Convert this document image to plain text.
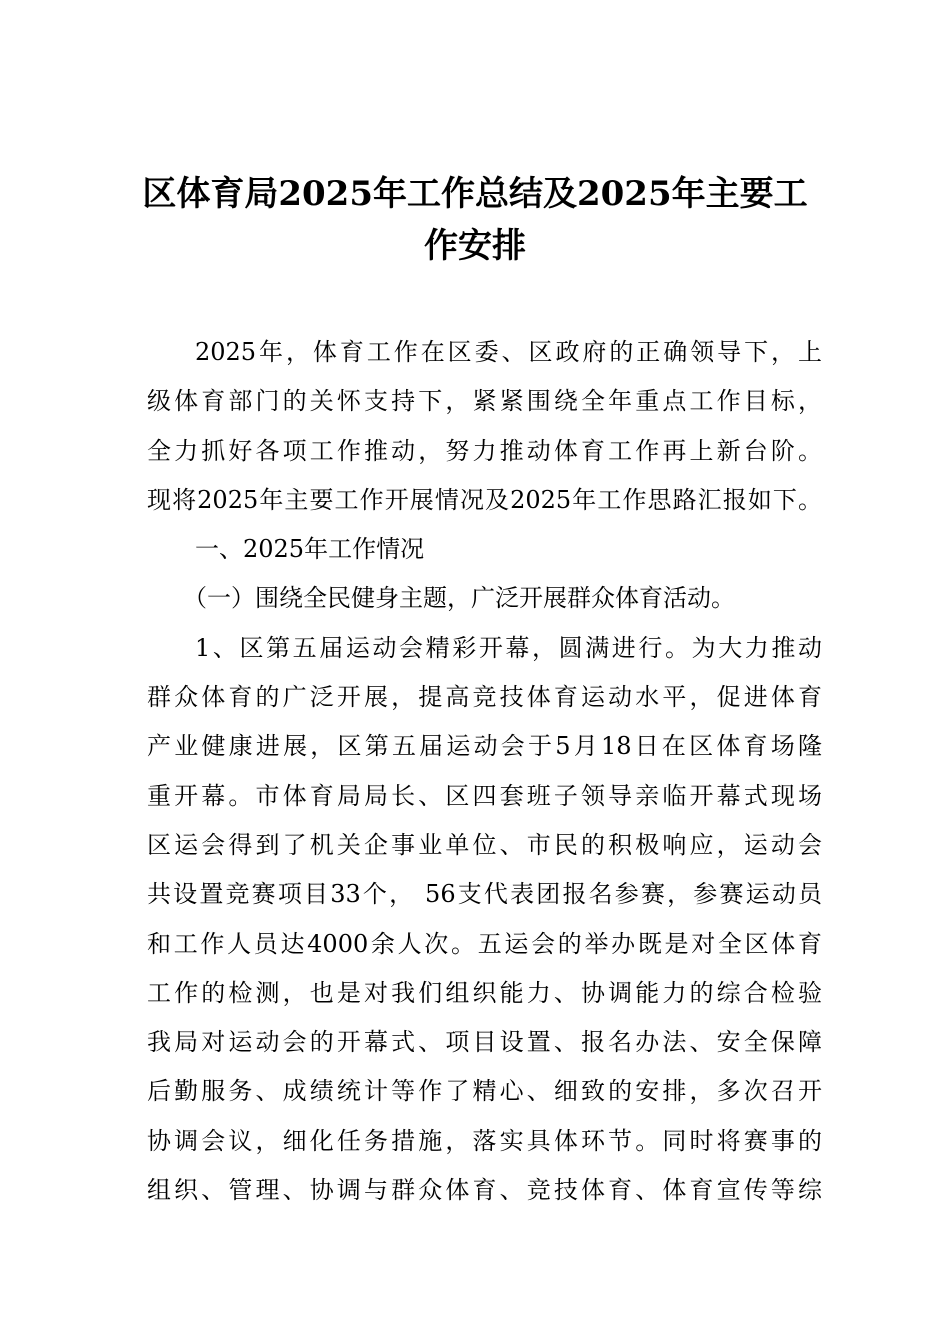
区体育局2025年工作总结及2025年主要工
作安排
2025年，体育工作在区委、区政府的正确领导下，上
级体育部门的关怀支持下，紧紧围绕全年重点工作目标，
全力抓好各项工作推动，努力推动体育工作再上新台阶。
现将2025年主要工作开展情况及2025年工作思路汇报如下。
一、2025年工作情况
（一）围绕全民健身主题，广泛开展群众体育活动。
1、区第五届运动会精彩开幕，圆满进行。为大力推动
群众体育的广泛开展，提高竞技体育运动水平，促进体育
产业健康进展，区第五届运动会于5月18日在区体育场隆
重开幕。市体育局局长、区四套班子领导亲临开幕式现场
区运会得到了机关企事业单位、市民的积极响应，运动会
共设置竞赛项目33个， 56支代表团报名参赛，参赛运动员
和工作人员达4000余人次。五运会的举办既是对全区体育
工作的检测，也是对我们组织能力、协调能力的综合检验
我局对运动会的开幕式、项目设置、报名办法、安全保障
后勤服务、成绩统计等作了精心、细致的安排，多次召开
协调会议，细化任务措施，落实具体环节。同时将赛事的
组织、管理、协调与群众体育、竞技体育、体育宣传等综
